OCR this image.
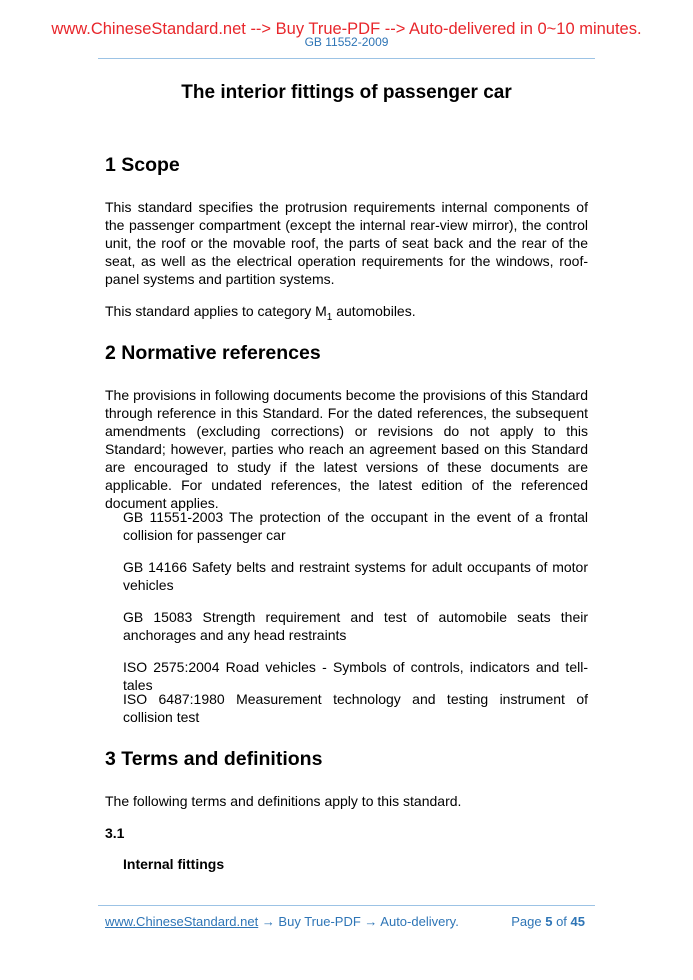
www.ChineseStandard.net --> Buy True-PDF --> Auto-delivered in 0~10 minutes.
GB 11552-2009
The interior fittings of passenger car
1 Scope

This standard specifies the protrusion requirements internal components of the passenger compartment (except the internal rear-view mirror), the control unit, the roof or the movable roof, the parts of seat back and the rear of the seat, as well as the electrical operation requirements for the windows, roof-panel systems and partition systems.

This standard applies to category $M_1$ automobiles.

2 Normative references

The provisions in following documents become the provisions of this Standard through reference in this Standard. For the dated references, the subsequent amendments (excluding corrections) or revisions do not apply to this Standard; however, parties who reach an agreement based on this Standard are encouraged to study if the latest versions of these documents are applicable. For undated references, the latest edition of the referenced document applies.

GB 11551-2003 The protection of the occupant in the event of a frontal collision for passenger car

GB 14166 Safety belts and restraint systems for adult occupants of motor vehicles

GB 15083 Strength requirement and test of automobile seats their anchorages and any head restraints

ISO 2575:2004 Road vehicles - Symbols of controls, indicators and tell-tales

ISO 6487:1980 Measurement technology and testing instrument of collision test

3 Terms and definitions

The following terms and definitions apply to this standard.

3.1

Internal fittings

www.ChineseStandard.net → Buy True-PDF → Auto-delivery.	Page 5 of 45
